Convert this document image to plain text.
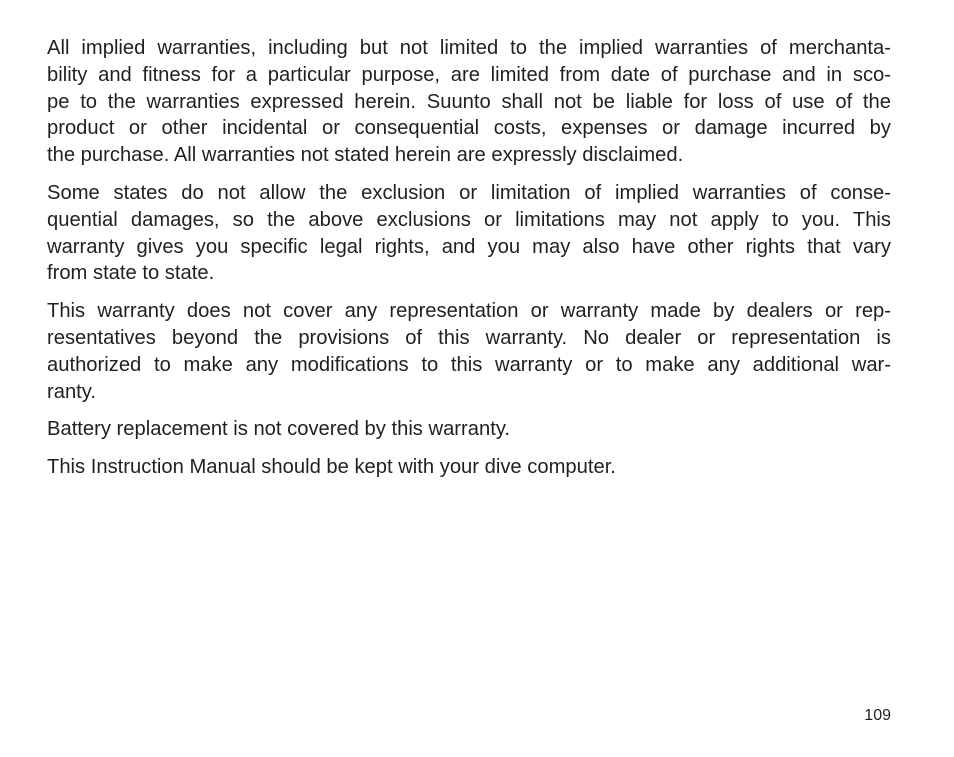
All implied warranties, including but not limited to the implied warranties of merchanta-
bility and fitness for a particular purpose, are limited from date of purchase and in sco-
pe to the warranties expressed herein. Suunto shall not be liable for loss of use of the
product or other incidental or consequential costs, expenses or damage incurred by
the purchase. All warranties not stated herein are expressly disclaimed.
Some states do not allow the exclusion or limitation of implied warranties of conse-
quential damages, so the above exclusions or limitations may not apply to you. This
warranty gives you specific legal rights, and you may also have other rights that vary
from state to state.
This warranty does not cover any representation or warranty made by dealers or rep-
resentatives beyond the provisions of this warranty. No dealer or representation is
authorized to make any modifications to this warranty or to make any additional war-
ranty.

Battery replacement is not covered by this warranty.

This Instruction Manual should be kept with your dive computer.

109
